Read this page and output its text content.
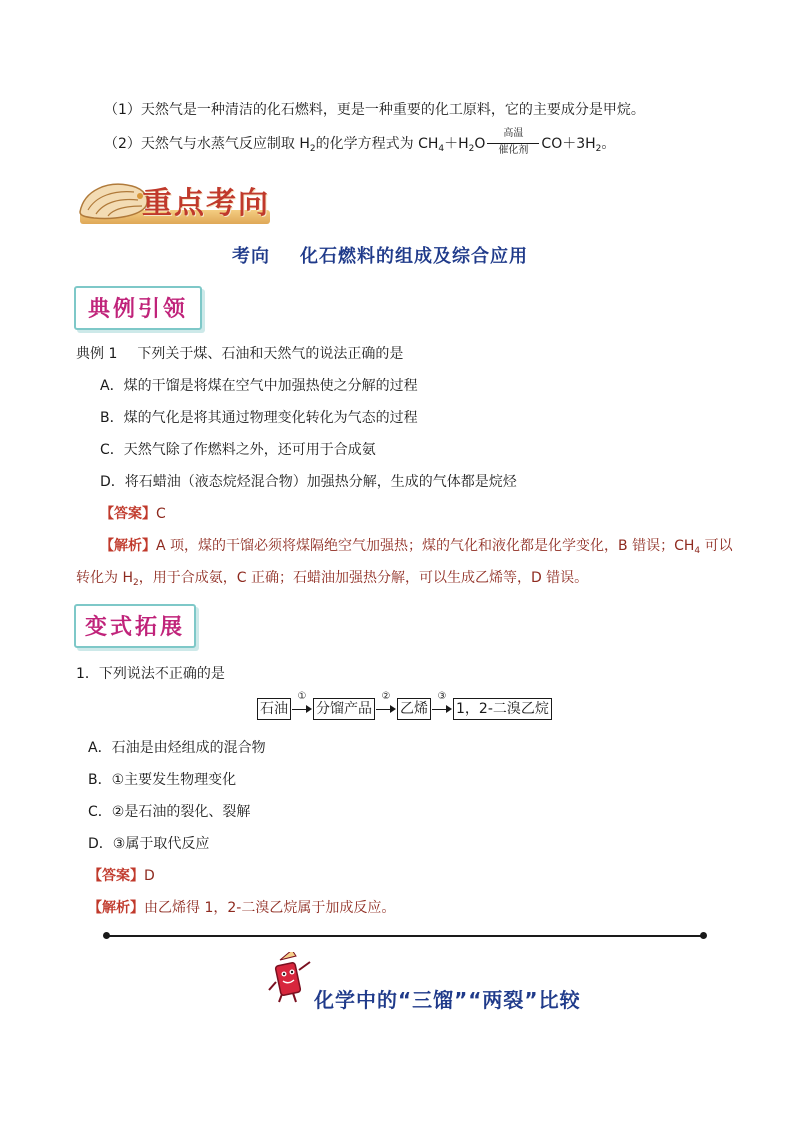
（1）天然气是一种清洁的化石燃料，更是一种重要的化工原料，它的主要成分是甲烷。
（2）天然气与水蒸气反应制取 $H_2$的化学方程式为 $CH_4+H_2O$
高温
催化剂 $CO+3H_2$。
重点考向
考向 化石燃料的组成及综合应用
典例引领
典例 1 下列关于煤、石油和天然气的说法正确的是
A．煤的干馏是将煤在空气中加强热使之分解的过程
B．煤的气化是将其通过物理变化转化为气态的过程
C．天然气除了作燃料之外，还可用于合成氨
D．将石蜡油（液态烷烃混合物）加强热分解，生成的气体都是烷烃
【答案】C
【解析】A 项，煤的干馏必须将煤隔绝空气加强热；煤的气化和液化都是化学变化，B 错误；$CH_4$ 可以
转化为 $H_2$，用于合成氨，C 正确；石蜡油加强热分解，可以生成乙烯等，D 错误。
变式拓展
1．下列说法不正确的是
石油
①
分馏产品
②
乙烯
③
1，2-二溴乙烷
A．石油是由烃组成的混合物
B．①主要发生物理变化
C．②是石油的裂化、裂解
D．③属于取代反应
【答案】D
【解析】由乙烯得 1，2-二溴乙烷属于加成反应。
化学中的“三馏”“两裂”比较
